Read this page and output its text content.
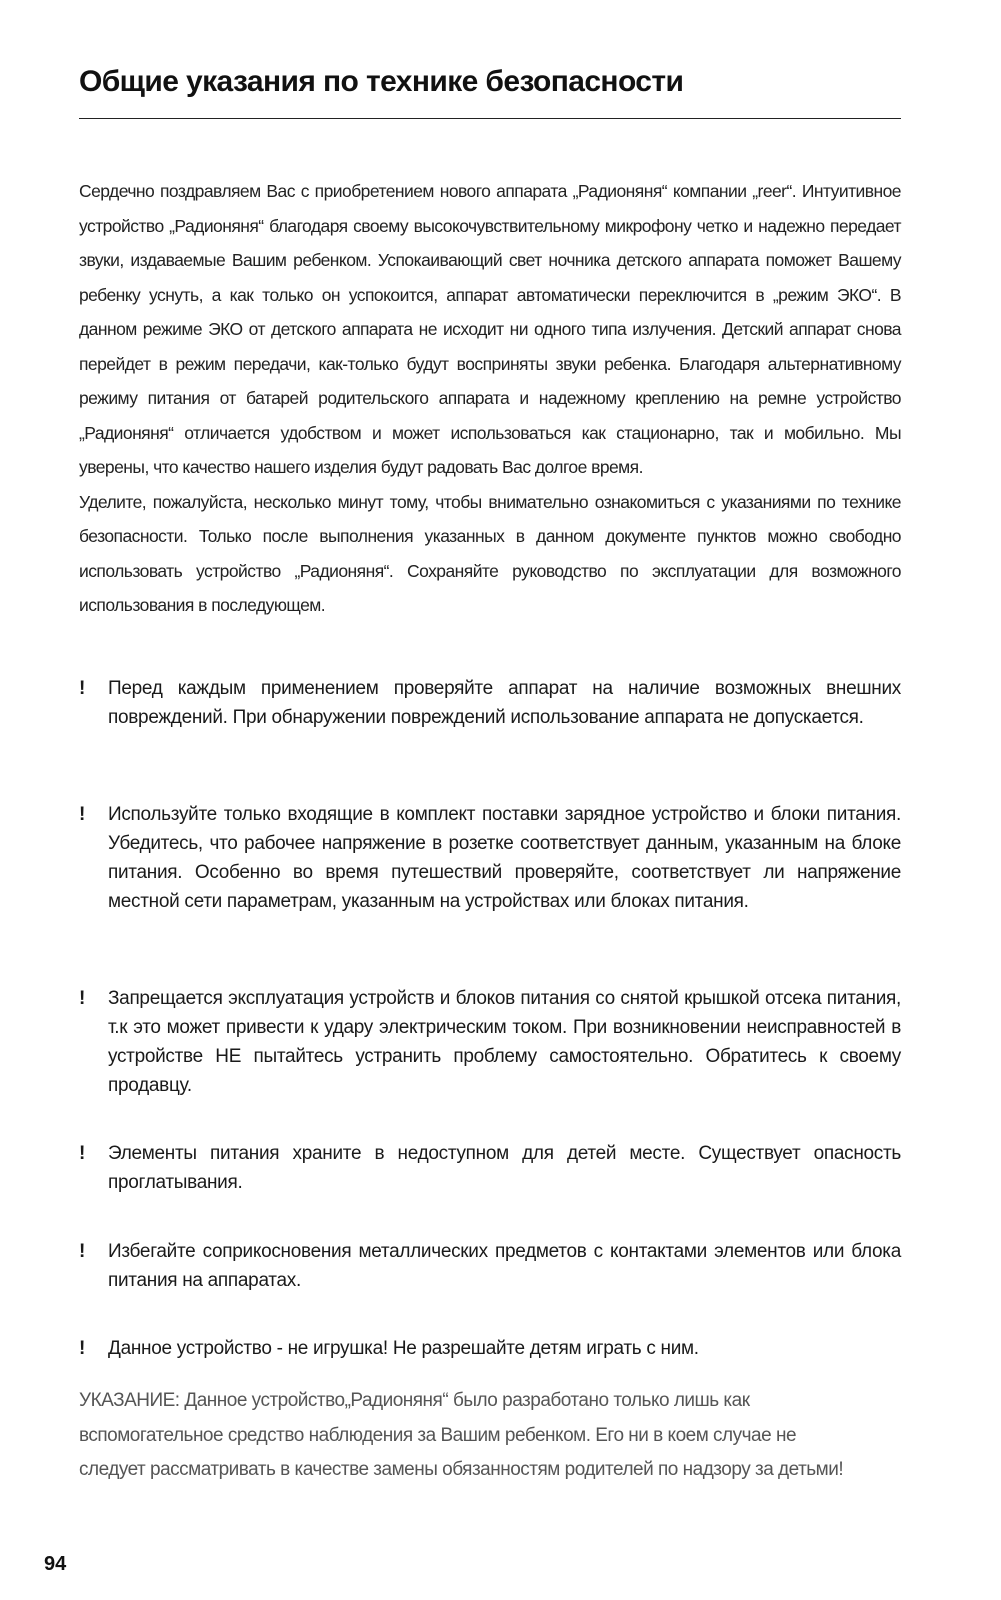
Общие указания по технике безопасности

Сердечно поздравляем Вас с приобретением нового аппарата „Радионяня“ компании „reer“. Интуитивное устройство „Радионяня“ благодаря своему высокочувствительному микрофону четко и надежно передает звуки, издаваемые Вашим ребенком. Успокаивающий свет ночника детского аппарата поможет Вашему ребенку уснуть, а как только он успокоится, аппарат автоматически переключится в „режим ЭКО“. В данном режиме ЭКО от детского аппарата не исходит ни одного типа излучения. Детский аппарат снова перейдет в режим передачи, как-только будут восприняты звуки ребенка. Благодаря альтернативному режиму питания от батарей родительского аппарата и надежному креплению на ремне устройство „Радионяня“ отличается удобством и может использоваться как стационарно, так и мобильно. Мы уверены, что качество нашего изделия будут радовать Вас долгое время.

Уделите, пожалуйста, несколько минут тому, чтобы внимательно ознакомиться с указаниями по технике безопасности. Только после выполнения указанных в данном документе пунктов можно свободно использовать устройство „Радионяня“. Сохраняйте руководство по эксплуатации для возможного использования в последующем.

!	Перед каждым применением проверяйте аппарат на наличие возможных внешних повреждений. При обнаружении повреждений использование аппарата не допускается.
!	Используйте только входящие в комплект поставки зарядное устройство и блоки питания. Убедитесь, что рабочее напряжение в розетке соответствует данным, указанным на блоке питания. Особенно во время путешествий проверяйте, соответствует ли напряжение местной сети параметрам, указанным на устройствах или блоках питания.
!	Запрещается эксплуатация устройств и блоков питания со снятой крышкой отсека питания, т.к это может привести к удару электрическим током. При возникновении неисправностей в устройстве НЕ пытайтесь устранить проблему самостоятельно. Обратитесь к своему продавцу.
!	Элементы питания храните в недоступном для детей месте. Существует опасность проглатывания.
!	Избегайте соприкосновения металлических предметов с контактами элементов или блока питания на аппаратах.
!	Данное устройство - не игрушка! Не разрешайте детям играть с ним.
УКАЗАНИЕ: Данное устройство„Радионяня“ было разработано только лишь как
вспомогательное средство наблюдения за Вашим ребенком. Его ни в коем случае не
следует рассматривать в качестве замены обязанностям родителей по надзору за детьми!
94
